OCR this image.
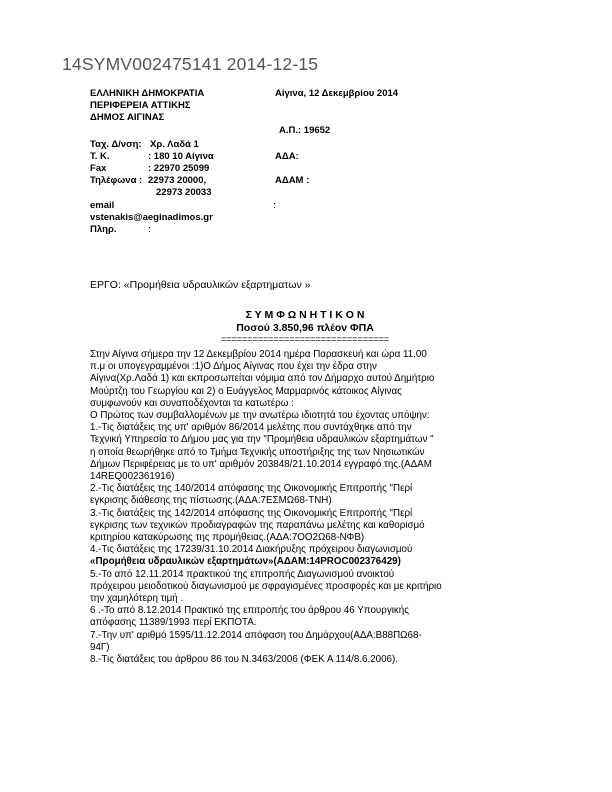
14SYMV002475141 2014-12-15
ΕΛΛΗΝΙΚΗ ΔΗΜΟΚΡΑΤΙΑ
ΠΕΡΙΦΕΡΕΙΑ ΑΤΤΙΚΗΣ
ΔΗΜΟΣ ΑΙΓΙΝΑΣ
Αίγινα, 12 Δεκεμβρίου 2014
Α.Π.: 19652
Ταχ. Δ/νση: Χρ. Λαδά 1
Τ. Κ.	: 180 10 Αίγινα	ΑΔΑ:
Fax	: 22970 25099
Τηλέφωνα : 22973 20000,	ΑΔΑΜ :
22973 20033
email	:
vstenakis@aeginadimos.gr
Πληρ.	:
ΕΡΓΟ: «Προμήθεια υδραυλικών εξαρτηματων »
Σ Υ Μ Φ Ω Ν Η Τ Ι Κ Ο Ν
Ποσού 3.850,96 πλέον ΦΠΑ
================================
Στην Αίγινα σήμερα την 12 Δεκεμβρίου 2014 ημέρα Παρασκευή και ώρα 11.00
π.μ οι υπογεγραμμένοι :1)Ο Δήμος Αίγινας που έχει την έδρα στην
Αίγινα(Χρ.Λαδά 1) και εκπροσωπείται νόμιμα από τον Δήμαρχο αυτού Δημήτριο
Μούρτζη του Γεωργίου και 2) ο Ευάγγελος Μαρμαρινός κάτοικος Αίγινας
συμφωνούν και συναποδέχονται τα κατωτέρω :
Ο Πρώτος των συμβαλλομένων με την ανωτέρω ιδιοτητά του έχοντας υπόψην:
1.-Τις διατάξεις της υπ' αριθμόν 86/2014 μελέτης που συντάχθηκε από την
Τεχνική Υπηρεσία το Δήμου μας για την "Προμήθεια υδραυλικών εξαρτημάτων "
η οποία θεωρήθηκε από το Τμήμα Τεχνικής υποστήριξης της των Νησιωτικών
Δήμων Περιφέρειας με το υπ' αριθμόν 203848/21.10.2014 εγγραφό της.(ΑΔΑΜ
14REQ002361916)
2.-Τις διατάξεις της 140/2014 απόφασης της Οικονομικής Επιτροπής "Περί
εγκρισης διάθεσης της πίστωσης.(ΑΔΑ:7ΕΣΜΩ68-ΤΝΗ)
3.-Τις διατάξεις της 142/2014 απόφασης της Οικονομικής Επιτροπής "Περί
εγκρισης των τεχνικών προδιαγραφών της παραπάνω μελέτης και καθορισμό
κριτηρίου κατακύρωσης της προμήθειας.(ΑΔΑ:7ΟΟ2Ω68-ΝΦΒ)
4.-Τις διατάξεις της 17239/31.10.2014 Διακήρυξης πρόχειρου διαγωνισμού
«Προμήθεια υδραυλικών εξαρτημάτων»(ΑΔΑΜ:14PROC002376429)
5.-Το από 12.11.2014 πρακτικού της επιτροπής Διαγωνισμού ανοικτού
πρόχειρου μειοδοτικού διαγωνισμού με σφραγισμένες προσφορές και με κριτήριο
την χαμηλότερη τιμή .
6 .-Το από 8.12.2014 Πρακτικό της επιτροπής του άρθρου 46 Υπουργικής
απόφασης 11389/1993 περί ΕΚΠΟΤΑ.
7.-Την υπ' αριθμό 1595/11.12.2014 απόφαση του Δημάρχου(ΑΔΑ:Β88ΠΩ68-
94Γ)
8.-Τις διατάξεις του άρθρου 86 του Ν.3463/2006 (ΦΕΚ Α 114/8.6.2006).
